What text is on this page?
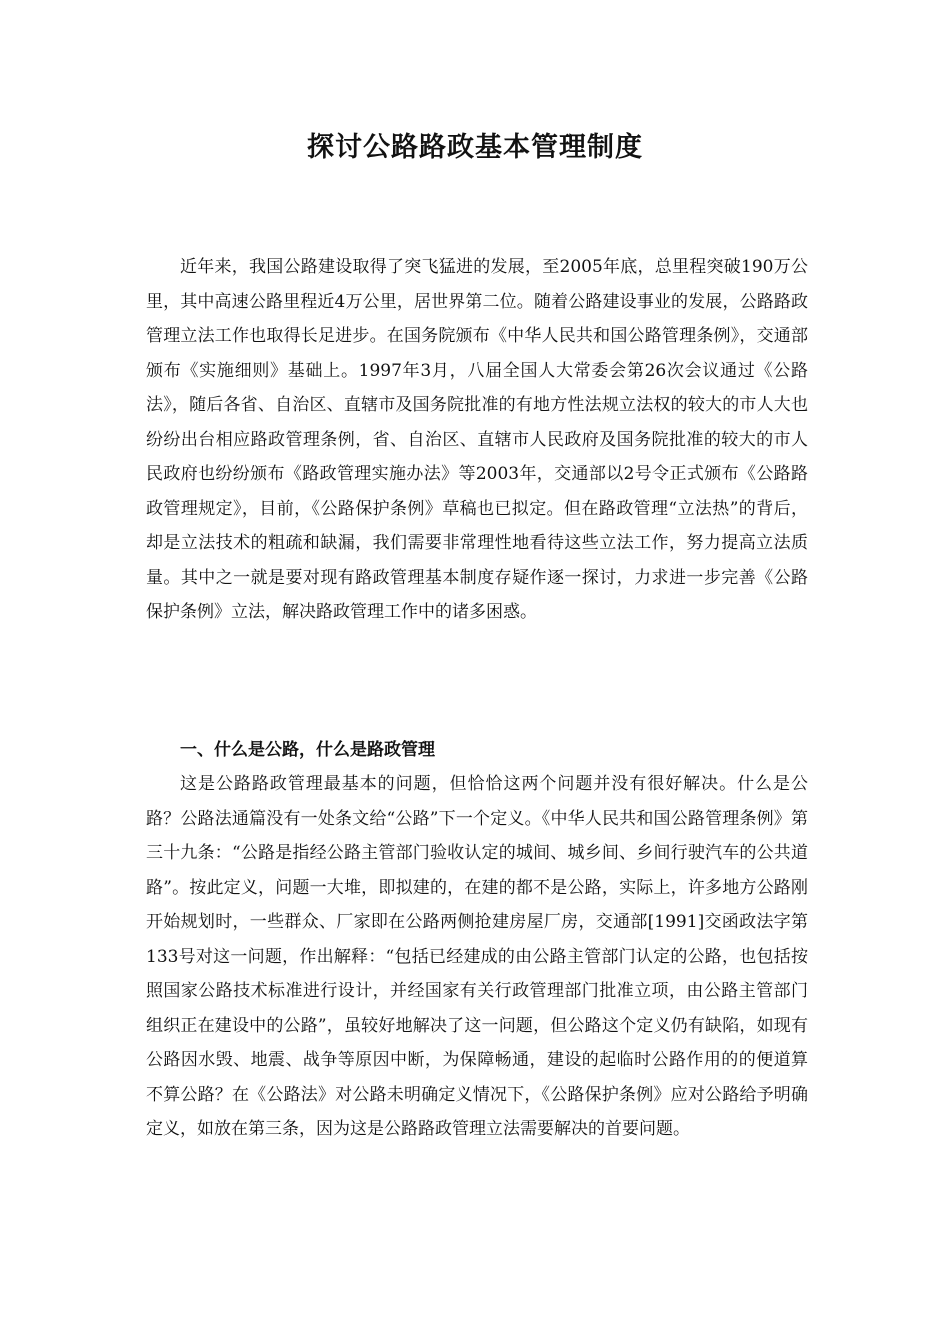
探讨公路路政基本管理制度

近年来，我国公路建设取得了突飞猛进的发展，至2005年底，总里程突破190万公里，其中高速公路里程近4万公里，居世界第二位。随着公路建设事业的发展，公路路政管理立法工作也取得长足进步。在国务院颁布《中华人民共和国公路管理条例》，交通部颁布《实施细则》基础上。1997年3月，八届全国人大常委会第26次会议通过《公路法》，随后各省、自治区、直辖市及国务院批准的有地方性法规立法权的较大的市人大也纷纷出台相应路政管理条例，省、自治区、直辖市人民政府及国务院批准的较大的市人民政府也纷纷颁布《路政管理实施办法》等2003年，交通部以2号令正式颁布《公路路政管理规定》，目前，《公路保护条例》草稿也已拟定。但在路政管理“立法热”的背后，却是立法技术的粗疏和缺漏，我们需要非常理性地看待这些立法工作，努力提高立法质量。其中之一就是要对现有路政管理基本制度存疑作逐一探讨，力求进一步完善《公路保护条例》立法，解决路政管理工作中的诸多困惑。

一、什么是公路，什么是路政管理

这是公路路政管理最基本的问题，但恰恰这两个问题并没有很好解决。什么是公路？公路法通篇没有一处条文给“公路”下一个定义。《中华人民共和国公路管理条例》第三十九条：“公路是指经公路主管部门验收认定的城间、城乡间、乡间行驶汽车的公共道路”。按此定义，问题一大堆，即拟建的，在建的都不是公路，实际上，许多地方公路刚开始规划时，一些群众、厂家即在公路两侧抢建房屋厂房，交通部[1991]交函政法字第133号对这一问题，作出解释：“包括已经建成的由公路主管部门认定的公路，也包括按照国家公路技术标准进行设计，并经国家有关行政管理部门批准立项，由公路主管部门组织正在建设中的公路”，虽较好地解决了这一问题，但公路这个定义仍有缺陷，如现有公路因水毁、地震、战争等原因中断，为保障畅通，建设的起临时公路作用的的便道算不算公路？在《公路法》对公路未明确定义情况下，《公路保护条例》应对公路给予明确定义，如放在第三条，因为这是公路路政管理立法需要解决的首要问题。
